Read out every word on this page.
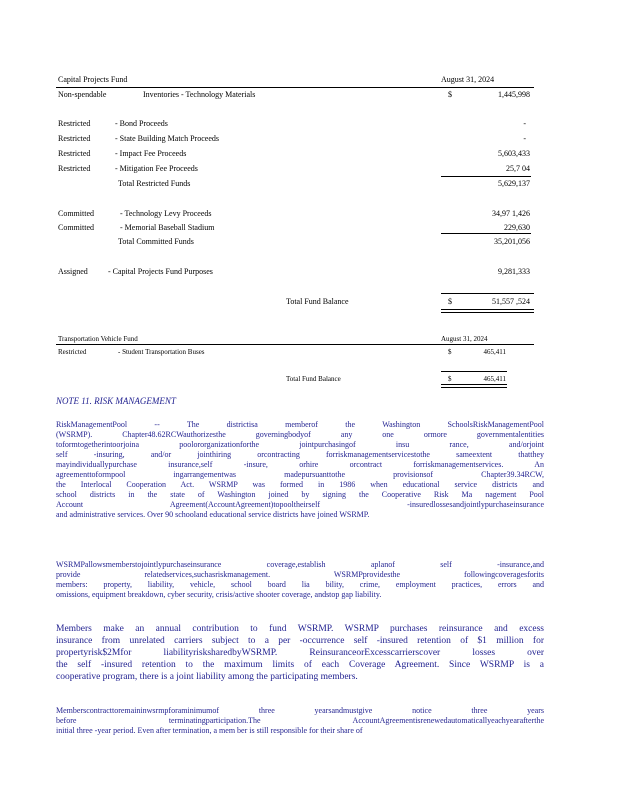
Capital Projects Fund	August 31, 2024
Non-spendable	Inventories - Technology Materials	$	1,445,998
Restricted	- Bond Proceeds	-
Restricted	- State Building Match Proceeds	-
Restricted	- Impact Fee Proceeds	5,603,433
Restricted	- Mitigation Fee Proceeds	25,7 04
Total Restricted Funds	5,629,137
Committed	- Technology Levy Proceeds	34,97 1,426
Committed	- Memorial Baseball Stadium	229,630
Total Committed Funds	35,201,056
Assigned	- Capital Projects Fund Purposes	9,281,333
Total Fund Balance	$	51,557 ,524
Transportation Vehicle Fund	August 31, 2024
Restricted	- Student Transportation Buses	$	465,411
Total Fund Balance	$	465,411
NOTE 11. RISK MANAGEMENT
RiskManagementPool -- The districtisa memberof the Washington SchoolsRiskManagementPool
(WSRMP). Chapter48.62RCWauthorizesthe governingbodyof any one ormore governmentalentities
toformtogetherintoorjoina poolororganizationforthe jointpurchasingof insu rance, and/orjoint
self -insuring, and/or jointhiring orcontracting forriskmanagementservicestothe sameextent thatthey
mayindividuallypurchase insurance,self -insure, orhire orcontract forriskmanagementservices. An
agreementtoformpool ingarrangementwas madepursuanttothe provisionsof Chapter39.34RCW,
the Interlocal Cooperation Act. WSRMP was formed in 1986 when educational service districts and
school districts in the state of Washington joined by signing the Cooperative Risk Ma nagement Pool
Account Agreement(AccountAgreement)topooltheirself -insuredlossesandjointlypurchaseinsurance
and administrative services. Over 90 schooland educational service districts have joined WSRMP.
WSRMPallowsmemberstojointlypurchaseinsurance coverage,establish aplanof self -insurance,and
provide relatedservices,suchasriskmanagement. WSRMPprovidesthe followingcoveragesforits
members: property, liability, vehicle, school board lia bility, crime, employment practices, errors and
omissions, equipment breakdown, cyber security, crisis/active shooter coverage, andstop gap liability.
Members make an annual contribution to fund WSRMP. WSRMP purchases reinsurance and excess
insurance from unrelated carriers subject to a per -occurrence self -insured retention of $1 million for
propertyrisk$2Mfor liabilityrisksharedbyWSRMP. ReinsuranceorExcesscarrierscover losses over
the self -insured retention to the maximum limits of each Coverage Agreement. Since WSRMP is a
cooperative program, there is a joint liability among the participating members.
Memberscontracttoremaininwsrmpforaminimumof three yearsandmustgive notice three years
before terminatingparticipation.The AccountAgreementisrenewedautomaticallyeachyearafterthe
initial three -year period. Even after termination, a mem ber is still responsible for their share of
